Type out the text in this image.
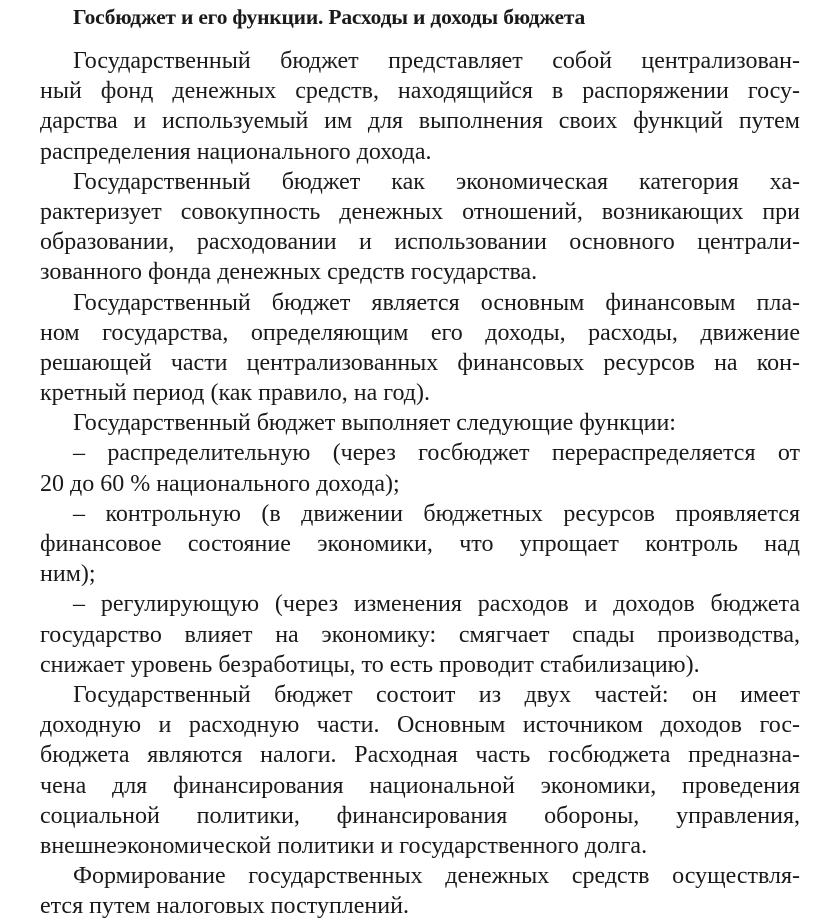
Госбюджет и его функции. Расходы и доходы бюджета
Государственный бюджет представляет собой централизован-
ный фонд денежных средств, находящийся в распоряжении госу-
дарства и используемый им для выполнения своих функций путем
распределения национального дохода.
Государственный бюджет как экономическая категория ха-
рактеризует совокупность денежных отношений, возникающих при
образовании, расходовании и использовании основного централи-
зованного фонда денежных средств государства.
Государственный бюджет является основным финансовым пла-
ном государства, определяющим его доходы, расходы, движение
решающей части централизованных финансовых ресурсов на кон-
кретный период (как правило, на год).
Государственный бюджет выполняет следующие функции:
– распределительную (через госбюджет перераспределяется от
20 до 60 % национального дохода);
– контрольную (в движении бюджетных ресурсов проявляется
финансовое состояние экономики, что упрощает контроль над
ним);
– регулирующую (через изменения расходов и доходов бюджета
государство влияет на экономику: смягчает спады производства,
снижает уровень безработицы, то есть проводит стабилизацию).
Государственный бюджет состоит из двух частей: он имеет
доходную и расходную части. Основным источником доходов гос-
бюджета являются налоги. Расходная часть госбюджета предназна-
чена для финансирования национальной экономики, проведения
социальной политики, финансирования обороны, управления,
внешнеэкономической политики и государственного долга.
Формирование государственных денежных средств осуществля-
ется путем налоговых поступлений.
